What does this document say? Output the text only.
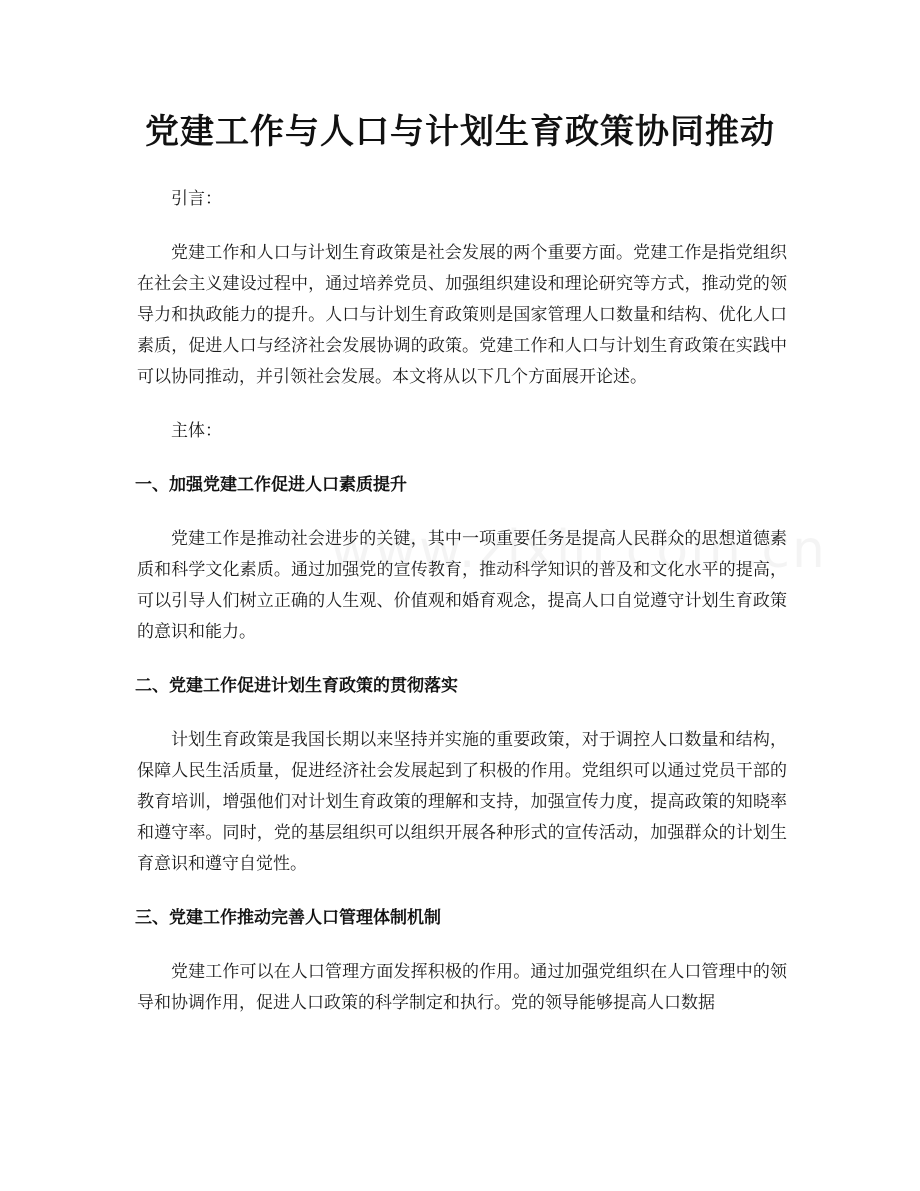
党建工作与人口与计划生育政策协同推动

引言：

党建工作和人口与计划生育政策是社会发展的两个重要方面。党建工作是指党组织在社会主义建设过程中，通过培养党员、加强组织建设和理论研究等方式，推动党的领导力和执政能力的提升。人口与计划生育政策则是国家管理人口数量和结构、优化人口素质，促进人口与经济社会发展协调的政策。党建工作和人口与计划生育政策在实践中可以协同推动，并引领社会发展。本文将从以下几个方面展开论述。

主体：

一、加强党建工作促进人口素质提升

党建工作是推动社会进步的关键，其中一项重要任务是提高人民群众的思想道德素质和科学文化素质。通过加强党的宣传教育，推动科学知识的普及和文化水平的提高，可以引导人们树立正确的人生观、价值观和婚育观念，提高人口自觉遵守计划生育政策的意识和能力。

二、党建工作促进计划生育政策的贯彻落实

计划生育政策是我国长期以来坚持并实施的重要政策，对于调控人口数量和结构，保障人民生活质量，促进经济社会发展起到了积极的作用。党组织可以通过党员干部的教育培训，增强他们对计划生育政策的理解和支持，加强宣传力度，提高政策的知晓率和遵守率。同时，党的基层组织可以组织开展各种形式的宣传活动，加强群众的计划生育意识和遵守自觉性。

三、党建工作推动完善人口管理体制机制

党建工作可以在人口管理方面发挥积极的作用。通过加强党组织在人口管理中的领导和协调作用，促进人口政策的科学制定和执行。党的领导能够提高人口数据
